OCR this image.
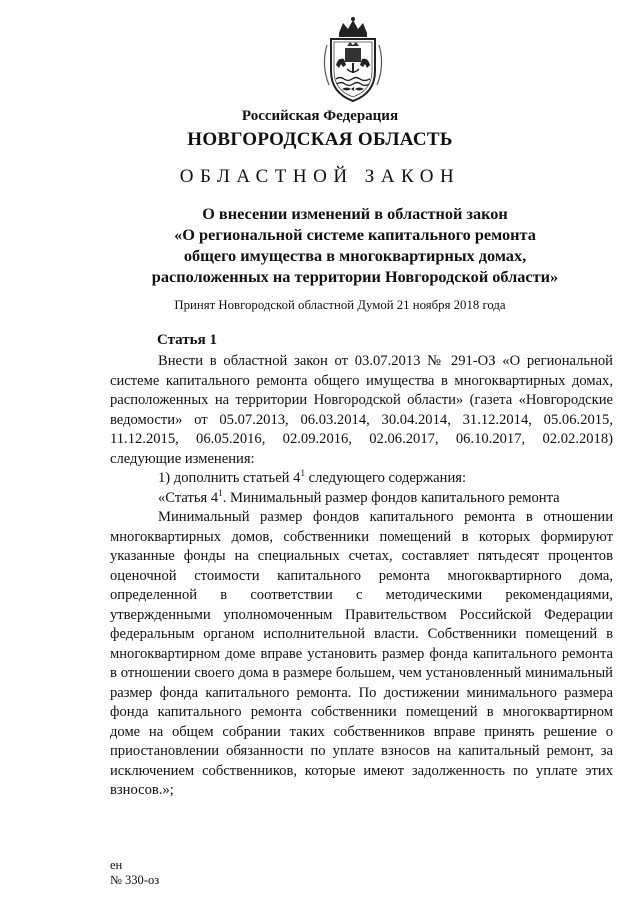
Российская Федерация
НОВГОРОДСКАЯ ОБЛАСТЬ
ОБЛАСТНОЙ ЗАКОН
О внесении изменений в областной закон
«О региональной системе капитального ремонта
общего имущества в многоквартирных домах,
расположенных на территории Новгородской области»
Принят Новгородской областной Думой 21 ноября 2018 года
Статья 1

Внести в областной закон от 03.07.2013 № 291-ОЗ «О региональной системе капитального ремонта общего имущества в многоквартирных домах, расположенных на территории Новгородской области» (газета «Новгородские ведомости» от 05.07.2013, 06.03.2014, 30.04.2014, 31.12.2014, 05.06.2015, 11.12.2015, 06.05.2016, 02.09.2016, 02.06.2017, 06.10.2017, 02.02.2018) следующие изменения:

1) дополнить статьей $4^1$ следующего содержания:

«Статья $4^1$. Минимальный размер фондов капитального ремонта

Минимальный размер фондов капитального ремонта в отношении многоквартирных домов, собственники помещений в которых формируют указанные фонды на специальных счетах, составляет пятьдесят процентов оценочной стоимости капитального ремонта многоквартирного дома, определенной в соответствии с методическими рекомендациями, утвержденными уполномоченным Правительством Российской Федерации федеральным органом исполнительной власти. Собственники помещений в многоквартирном доме вправе установить размер фонда капитального ремонта в отношении своего дома в размере большем, чем установленный минимальный размер фонда капитального ремонта. По достижении минимального размера фонда капитального ремонта собственники помещений в многоквартирном доме на общем собрании таких собственников вправе принять решение о приостановлении обязанности по уплате взносов на капитальный ремонт, за исключением собственников, которые имеют задолженность по уплате этих взносов.»;

ен
№ 330-оз
